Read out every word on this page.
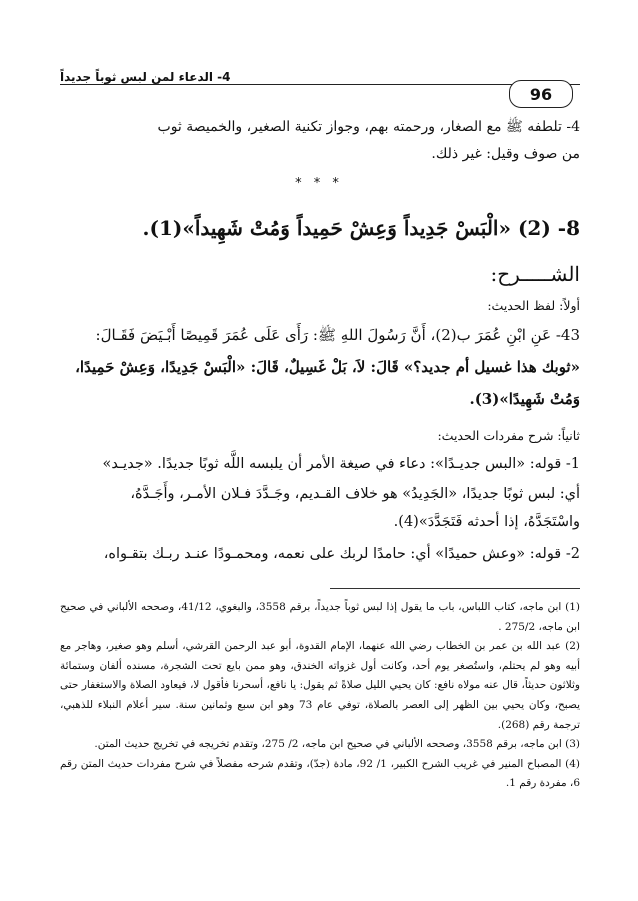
4- الدعاء لمن لبس ثوباً جديداً
96
4- تلطفه ﷺ مع الصغار، ورحمته بهم، وجواز تكنية الصغير، والخميصة ثوب
من صوف وقيل: غير ذلك.
* * *
8- (2) «الْبَسْ جَدِيداً وَعِشْ حَمِيداً وَمُتْ شَهِيداً»(1).
الشـــــرح:
أولاً: لفظ الحديث:
43- عَنِ ابْنِ عُمَرَ ب(2)، أَنَّ رَسُولَ اللهِ ﷺ: رَأَى عَلَى عُمَرَ قَمِيصًا أَبْـيَضَ فَقَـالَ:
«ثوبك هذا غسيل أم جديد؟» قَالَ: لاَ، بَلْ غَسِيلٌ، قَالَ: «الْبَسْ جَدِيدًا، وَعِشْ حَمِيدًا،
وَمُتْ شَهِيدًا»(3).
ثانياً: شرح مفردات الحديث:
1- قوله: «البس جديـدًا»: دعاء في صيغة الأمر أن يلبسه اللَّه ثوبًا جديدًا. «جديـد»
أي: لبس ثوبًا جديدًا، «الجَدِيدُ» هو خلاف القـديم، وجَـدَّدَ فـلان الأمـر، وأَجَـدَّهُ،
واسْتَجَدَّهُ، إذا أحدثه فَتَجَدَّدَ»(4).
2- قوله: «وعش حميدًا» أي: حامدًا لربك على نعمه، ومحمـودًا عنـد ربـك بتقـواه،

(1) ابن ماجه، كتاب اللباس، باب ما يقول إذا لبس ثوباً جديداً، برقم 3558، والبغوي، 41/12، وصححه الألباني في صحيح ابن ماجه، 275/2 .

(2) عبد الله بن عمر بن الخطاب رضي الله عنهما، الإمام القدوة، أبو عبد الرحمن القرشي، أسلم وهو صغير، وهاجر مع أبيه وهو لم يحتلم، واستُصغر يوم أحد، وكانت أول غزواته الخندق، وهو ممن بايع تحت الشجرة، مسنده ألفان وستمائة وثلاثون حديثاً، قال عنه مولاه نافع: كان يحيي الليل صلاةً ثم يقول: يا نافع، أسحرنا فأقول لا، فيعاود الصلاة والاستغفار حتى يصبح، وكان يحيي بين الظهر إلى العصر بالصلاة، توفي عام 73 وهو ابن سبع وثمانين سنة. سير أعلام النبلاء للذهبي، ترجمة رقم (268).

(3) ابن ماجه، برقم 3558، وصححه الألباني في صحيح ابن ماجه، 2/ 275، وتقدم تخريجه في تخريج حديث المتن.

(4) المصباح المنير في غريب الشرح الكبير، 1/ 92، مادة (جدّ)، وتقدم شرحه مفصلاً في شرح مفردات حديث المتن رقم 6، مفردة رقم 1.
